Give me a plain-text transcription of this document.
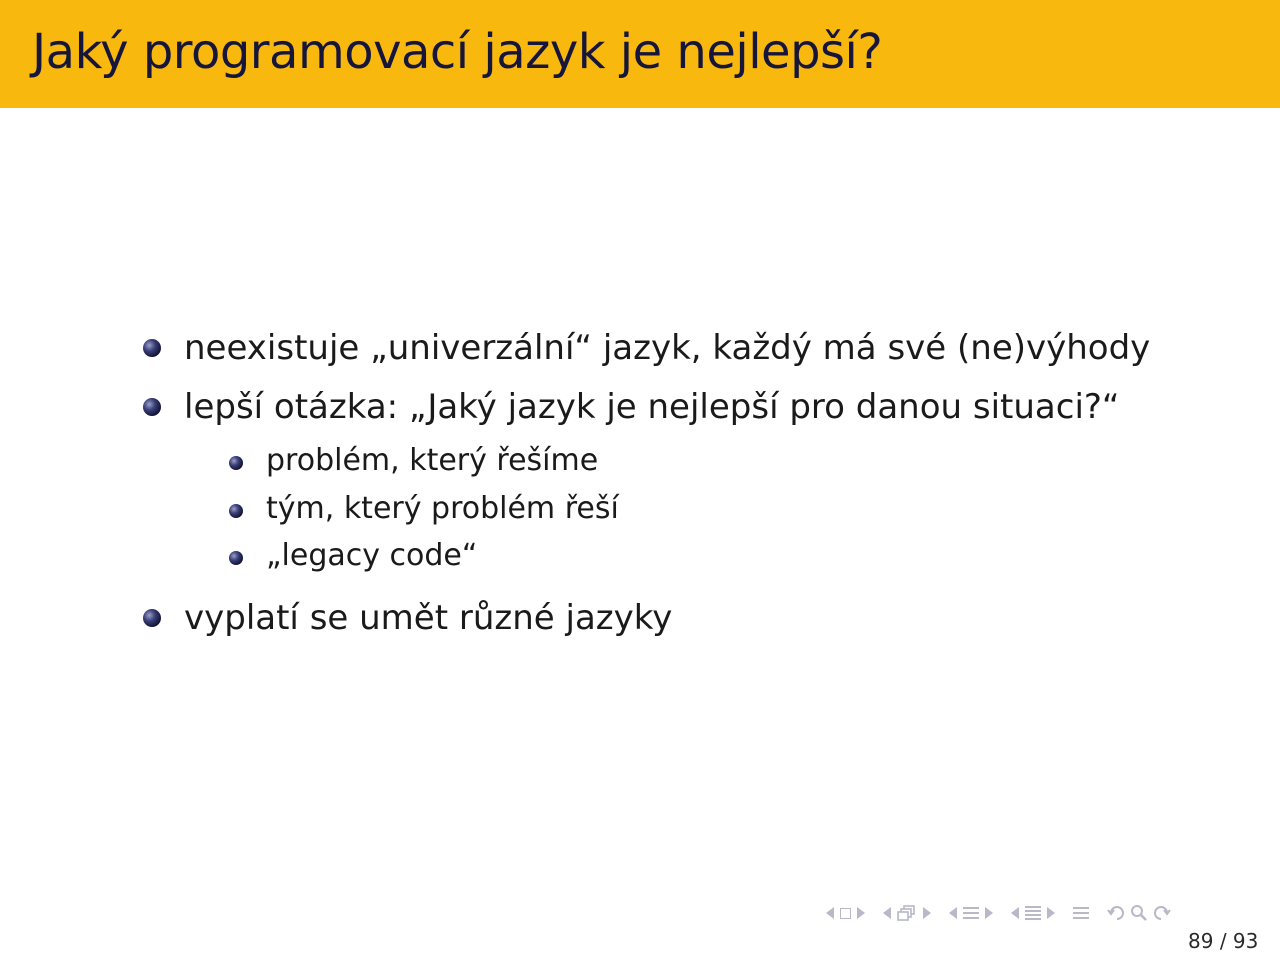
Jaký programovací jazyk je nejlepší?
neexistuje „univerzální“ jazyk, každý má své (ne)výhody
lepší otázka: „Jaký jazyk je nejlepší pro danou situaci?“
problém, který řešíme
tým, který problém řeší
„legacy code“
vyplatí se umět různé jazyky
89 / 93
